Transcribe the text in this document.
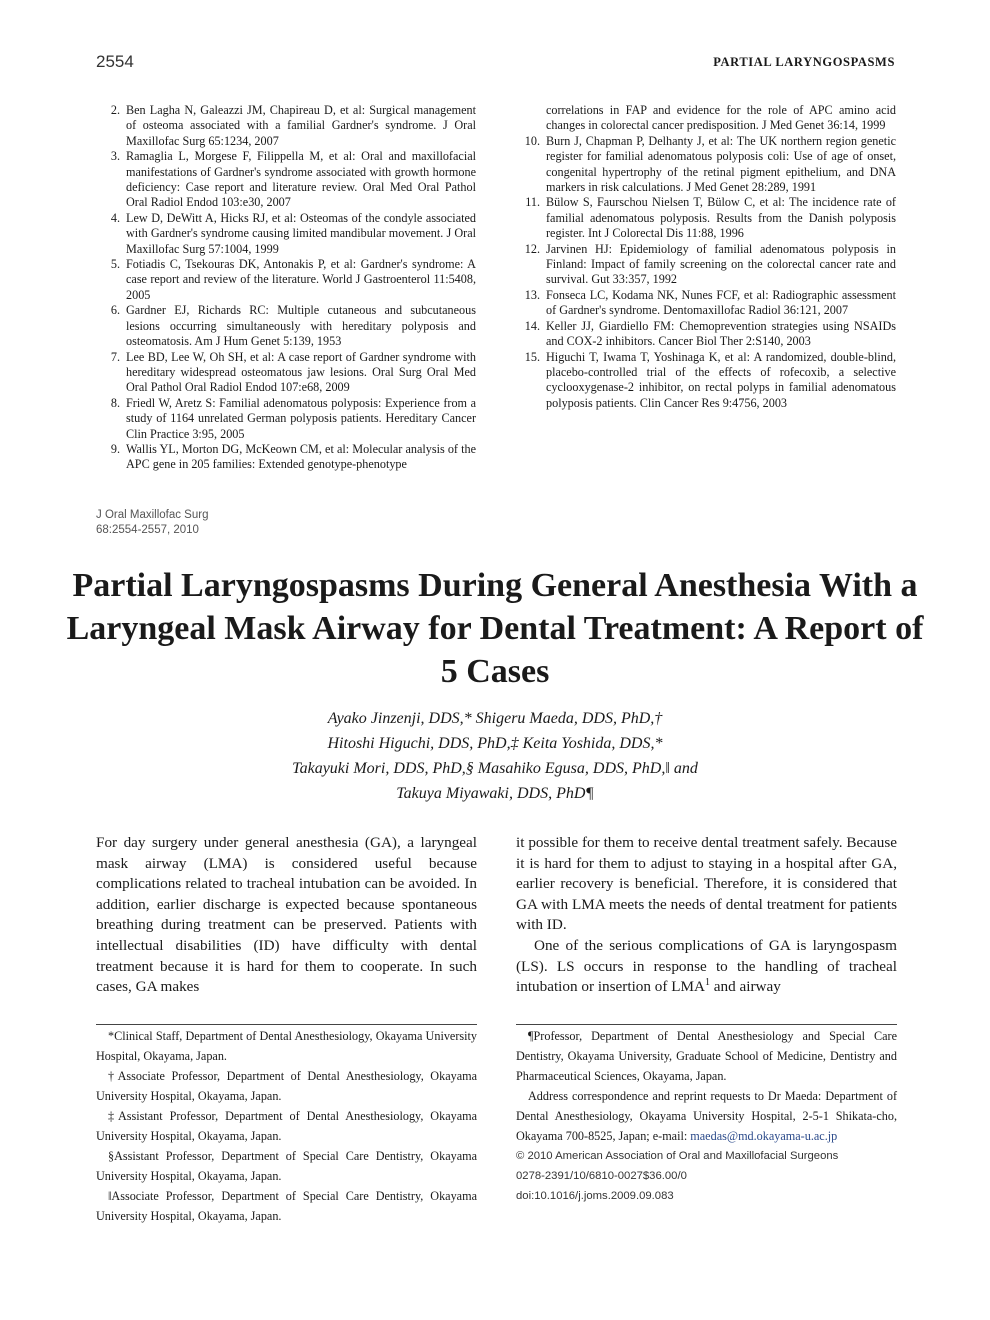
2554	PARTIAL LARYNGOSPASMS
2. Ben Lagha N, Galeazzi JM, Chapireau D, et al: Surgical management of osteoma associated with a familial Gardner's syndrome. J Oral Maxillofac Surg 65:1234, 2007
3. Ramaglia L, Morgese F, Filippella M, et al: Oral and maxillofacial manifestations of Gardner's syndrome associated with growth hormone deficiency: Case report and literature review. Oral Med Oral Pathol Oral Radiol Endod 103:e30, 2007
4. Lew D, DeWitt A, Hicks RJ, et al: Osteomas of the condyle associated with Gardner's syndrome causing limited mandibular movement. J Oral Maxillofac Surg 57:1004, 1999
5. Fotiadis C, Tsekouras DK, Antonakis P, et al: Gardner's syndrome: A case report and review of the literature. World J Gastroenterol 11:5408, 2005
6. Gardner EJ, Richards RC: Multiple cutaneous and subcutaneous lesions occurring simultaneously with hereditary polyposis and osteomatosis. Am J Hum Genet 5:139, 1953
7. Lee BD, Lee W, Oh SH, et al: A case report of Gardner syndrome with hereditary widespread osteomatous jaw lesions. Oral Surg Oral Med Oral Pathol Oral Radiol Endod 107:e68, 2009
8. Friedl W, Aretz S: Familial adenomatous polyposis: Experience from a study of 1164 unrelated German polyposis patients. Hereditary Cancer Clin Practice 3:95, 2005
9. Wallis YL, Morton DG, McKeown CM, et al: Molecular analysis of the APC gene in 205 families: Extended genotype-phenotype
correlations in FAP and evidence for the role of APC amino acid changes in colorectal cancer predisposition. J Med Genet 36:14, 1999
10. Burn J, Chapman P, Delhanty J, et al: The UK northern region genetic register for familial adenomatous polyposis coli: Use of age of onset, congenital hypertrophy of the retinal pigment epithelium, and DNA markers in risk calculations. J Med Genet 28:289, 1991
11. Bülow S, Faurschou Nielsen T, Bülow C, et al: The incidence rate of familial adenomatous polyposis. Results from the Danish polyposis register. Int J Colorectal Dis 11:88, 1996
12. Jarvinen HJ: Epidemiology of familial adenomatous polyposis in Finland: Impact of family screening on the colorectal cancer rate and survival. Gut 33:357, 1992
13. Fonseca LC, Kodama NK, Nunes FCF, et al: Radiographic assessment of Gardner's syndrome. Dentomaxillofac Radiol 36:121, 2007
14. Keller JJ, Giardiello FM: Chemoprevention strategies using NSAIDs and COX-2 inhibitors. Cancer Biol Ther 2:S140, 2003
15. Higuchi T, Iwama T, Yoshinaga K, et al: A randomized, double-blind, placebo-controlled trial of the effects of rofecoxib, a selective cyclooxygenase-2 inhibitor, on rectal polyps in familial adenomatous polyposis patients. Clin Cancer Res 9:4756, 2003
J Oral Maxillofac Surg
68:2554-2557, 2010
Partial Laryngospasms During General Anesthesia With a Laryngeal Mask Airway for Dental Treatment: A Report of 5 Cases
Ayako Jinzenji, DDS,* Shigeru Maeda, DDS, PhD,†
Hitoshi Higuchi, DDS, PhD,‡ Keita Yoshida, DDS,*
Takayuki Mori, DDS, PhD,§ Masahiko Egusa, DDS, PhD,‖ and
Takuya Miyawaki, DDS, PhD¶

For day surgery under general anesthesia (GA), a laryngeal mask airway (LMA) is considered useful because complications related to tracheal intubation can be avoided. In addition, earlier discharge is expected because spontaneous breathing during treatment can be preserved. Patients with intellectual disabilities (ID) have difficulty with dental treatment because it is hard for them to cooperate. In such cases, GA makes

it possible for them to receive dental treatment safely. Because it is hard for them to adjust to staying in a hospital after GA, earlier recovery is beneficial. Therefore, it is considered that GA with LMA meets the needs of dental treatment for patients with ID.

One of the serious complications of GA is laryngospasm (LS). LS occurs in response to the handling of tracheal intubation or insertion of LMA$^1$ and airway

*Clinical Staff, Department of Dental Anesthesiology, Okayama University Hospital, Okayama, Japan.

†Associate Professor, Department of Dental Anesthesiology, Okayama University Hospital, Okayama, Japan.

‡Assistant Professor, Department of Dental Anesthesiology, Okayama University Hospital, Okayama, Japan.

§Assistant Professor, Department of Special Care Dentistry, Okayama University Hospital, Okayama, Japan.

‖Associate Professor, Department of Special Care Dentistry, Okayama University Hospital, Okayama, Japan.

¶Professor, Department of Dental Anesthesiology and Special Care Dentistry, Okayama University, Graduate School of Medicine, Dentistry and Pharmaceutical Sciences, Okayama, Japan.

Address correspondence and reprint requests to Dr Maeda: Department of Dental Anesthesiology, Okayama University Hospital, 2-5-1 Shikata-cho, Okayama 700-8525, Japan; e-mail: maedas@md.okayama-u.ac.jp

© 2010 American Association of Oral and Maxillofacial Surgeons

0278-2391/10/6810-0027$36.00/0

doi:10.1016/j.joms.2009.09.083
